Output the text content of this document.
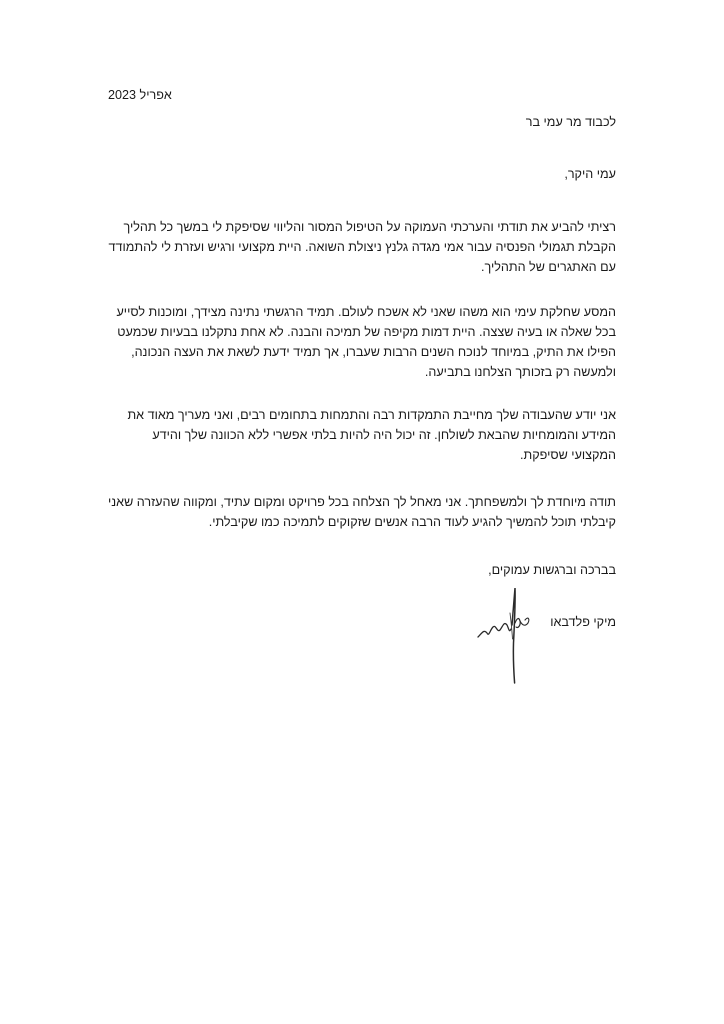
אפריל 2023
לכבוד מר עמי בר
עמי היקר,

רציתי להביע את תודתי והערכתי העמוקה על הטיפול המסור והליווי שסיפקת לי במשך כל תהליך הקבלת תגמולי הפנסיה עבור אמי מגדה גלנץ ניצולת השואה. היית מקצועי ורגיש ועזרת לי להתמודד עם האתגרים של התהליך.

המסע שחלקת עימי הוא משהו שאני לא אשכח לעולם. תמיד הרגשתי נתינה מצידך, ומוכנות לסייע בכל שאלה או בעיה שצצה. היית דמות מקיפה של תמיכה והבנה. לא אחת נתקלנו בבעיות שכמעט הפילו את התיק, במיוחד לנוכח השנים הרבות שעברו, אך תמיד ידעת לשאת את העצה הנכונה, ולמעשה רק בזכותך הצלחנו בתביעה.

אני יודע שהעבודה שלך מחייבת התמקדות רבה והתמחות בתחומים רבים, ואני מעריך מאוד את המידע והמומחיות שהבאת לשולחן. זה יכול היה להיות בלתי אפשרי ללא הכוונה שלך והידע המקצועי שסיפקת.

תודה מיוחדת לך ולמשפחתך. אני מאחל לך הצלחה בכל פרויקט ומקום עתיד, ומקווה שהעזרה שאני קיבלתי תוכל להמשיך להגיע לעוד הרבה אנשים שזקוקים לתמיכה כמו שקיבלתי.

בברכה וברגשות עמוקים,
מיקי פלדבאו
